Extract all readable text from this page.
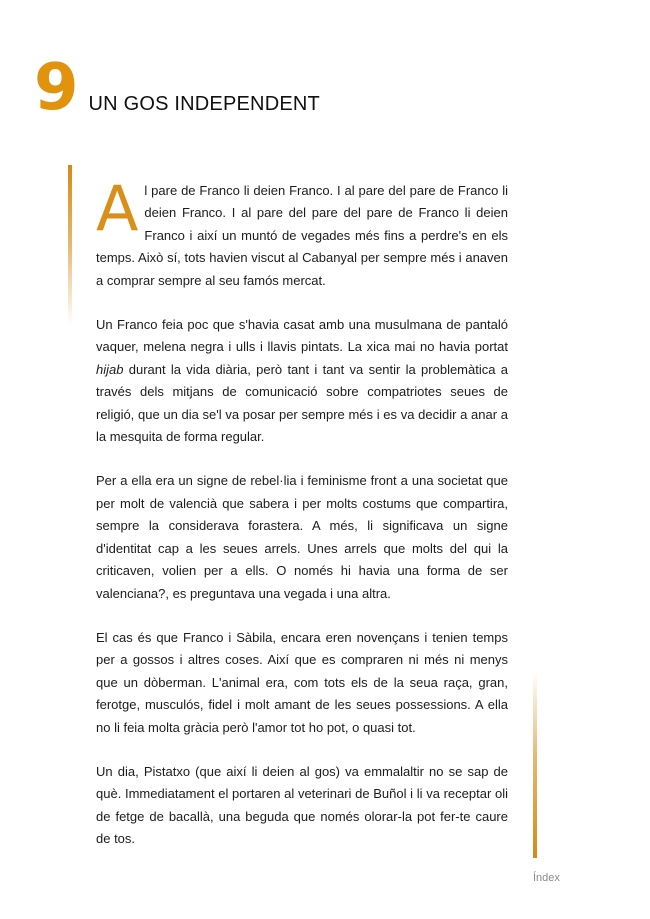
9 UN GOS INDEPENDENT

Al pare de Franco li deien Franco. I al pare del pare de Franco li deien Franco. I al pare del pare del pare de Franco li deien Franco i així un muntó de vegades més fins a perdre's en els temps. Això sí, tots havien viscut al Cabanyal per sempre més i anaven a comprar sempre al seu famós mercat.

Un Franco feia poc que s'havia casat amb una musulmana de pantaló vaquer, melena negra i ulls i llavis pintats. La xica mai no havia portat hijab durant la vida diària, però tant i tant va sentir la problemàtica a través dels mitjans de comunicació sobre compatriotes seues de religió, que un dia se'l va posar per sempre més i es va decidir a anar a la mesquita de forma regular.

Per a ella era un signe de rebel·lia i feminisme front a una societat que per molt de valencià que sabera i per molts costums que compartira, sempre la considerava forastera. A més, li significava un signe d'identitat cap a les seues arrels. Unes arrels que molts del qui la criticaven, volien per a ells. O només hi havia una forma de ser valenciana?, es preguntava una vegada i una altra.

El cas és que Franco i Sàbila, encara eren novençans i tenien temps per a gossos i altres coses. Així que es compraren ni més ni menys que un dòberman. L'animal era, com tots els de la seua raça, gran, ferotge, musculós, fidel i molt amant de les seues possessions. A ella no li feia molta gràcia però l'amor tot ho pot, o quasi tot.

Un dia, Pistatxo (que així li deien al gos) va emmalaltir no se sap de què. Immediatament el portaren al veterinari de Buñol i li va receptar oli de fetge de bacallà, una beguda que només olorar-la pot fer-te caure de tos.

Índex
